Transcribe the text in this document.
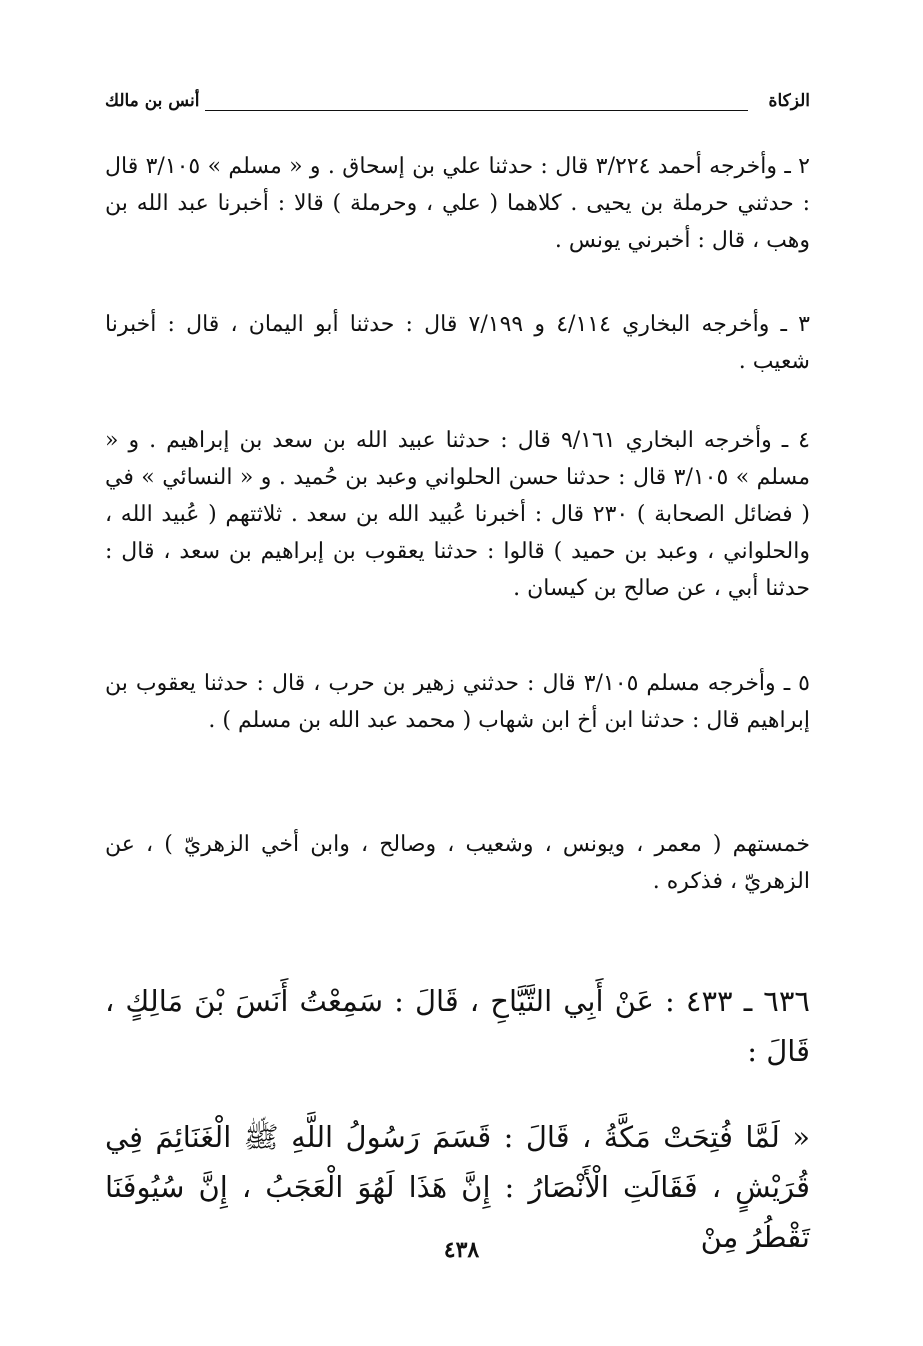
الزكاة
أنس بن مالك

٢ ـ وأخرجه أحمد ٣/٢٢٤ قال : حدثنا علي بن إسحاق . و « مسلم » ٣/١٠٥ قال : حدثني حرملة بن يحيى . كلاهما ( علي ، وحرملة ) قالا : أخبرنا عبد الله بن وهب ، قال : أخبرني يونس .

٣ ـ وأخرجه البخاري ٤/١١٤ و ٧/١٩٩ قال : حدثنا أبو اليمان ، قال : أخبرنا شعيب .

٤ ـ وأخرجه البخاري ٩/١٦١ قال : حدثنا عبيد الله بن سعد بن إبراهيم . و « مسلم » ٣/١٠٥ قال : حدثنا حسن الحلواني وعبد بن حُميد . و « النسائي » في ( فضائل الصحابة ) ٢٣٠ قال : أخبرنا عُبيد الله بن سعد . ثلاثتهم ( عُبيد الله ، والحلواني ، وعبد بن حميد ) قالوا : حدثنا يعقوب بن إبراهيم بن سعد ، قال : حدثنا أبي ، عن صالح بن كيسان .

٥ ـ وأخرجه مسلم ٣/١٠٥ قال : حدثني زهير بن حرب ، قال : حدثنا يعقوب بن إبراهيم قال : حدثنا ابن أخ ابن شهاب ( محمد عبد الله بن مسلم ) .

خمستهم ( معمر ، ويونس ، وشعيب ، وصالح ، وابن أخي الزهريّ ) ، عن الزهريّ ، فذكره .

٦٣٦ ـ ٤٣٣ : عَنْ أَبِي التَّيَّاحِ ، قَالَ : سَمِعْتُ أَنَسَ بْنَ مَالِكٍ ، قَالَ :

« لَمَّا فُتِحَتْ مَكَّةُ ، قَالَ : قَسَمَ رَسُولُ اللَّهِ ﷺ الْغَنَائِمَ فِي قُرَيْشٍ ، فَقَالَتِ الْأَنْصَارُ : إِنَّ هَذَا لَهُوَ الْعَجَبُ ، إِنَّ سُيُوفَنَا تَقْطُرُ مِنْ

٤٣٨
